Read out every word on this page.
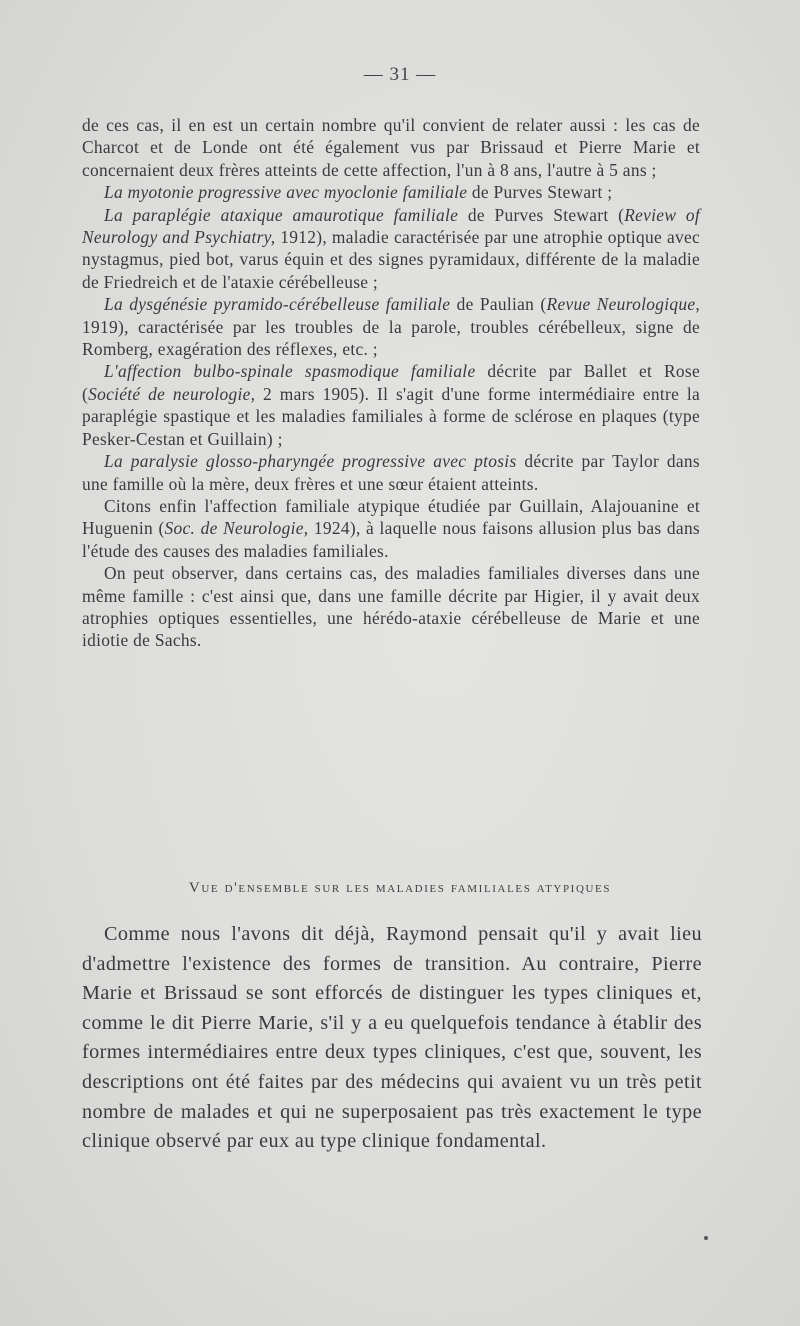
— 31 —

de ces cas, il en est un certain nombre qu'il convient de relater aussi : les cas de Charcot et de Londe ont été également vus par Brissaud et Pierre Marie et concernaient deux frères atteints de cette affection, l'un à 8 ans, l'autre à 5 ans ;

La myotonie progressive avec myoclonie familiale de Purves Stewart ;

La paraplégie ataxique amaurotique familiale de Purves Stewart (Review of Neurology and Psychiatry, 1912), maladie caractérisée par une atrophie optique avec nystagmus, pied bot, varus équin et des signes pyramidaux, différente de la maladie de Friedreich et de l'ataxie cérébelleuse ;

La dysgénésie pyramido-cérébelleuse familiale de Paulian (Revue Neurologique, 1919), caractérisée par les troubles de la parole, troubles cérébelleux, signe de Romberg, exagération des réflexes, etc. ;

L'affection bulbo-spinale spasmodique familiale décrite par Ballet et Rose (Société de neurologie, 2 mars 1905). Il s'agit d'une forme intermédiaire entre la paraplégie spastique et les maladies familiales à forme de sclérose en plaques (type Pesker-Cestan et Guillain) ;

La paralysie glosso-pharyngée progressive avec ptosis décrite par Taylor dans une famille où la mère, deux frères et une sœur étaient atteints.

Citons enfin l'affection familiale atypique étudiée par Guillain, Alajouanine et Huguenin (Soc. de Neurologie, 1924), à laquelle nous faisons allusion plus bas dans l'étude des causes des maladies familiales.

On peut observer, dans certains cas, des maladies familiales diverses dans une même famille : c'est ainsi que, dans une famille décrite par Higier, il y avait deux atrophies optiques essentielles, une hérédo-ataxie cérébelleuse de Marie et une idiotie de Sachs.

Vue d'ensemble sur les maladies familiales atypiques

Comme nous l'avons dit déjà, Raymond pensait qu'il y avait lieu d'admettre l'existence des formes de transition. Au contraire, Pierre Marie et Brissaud se sont efforcés de distinguer les types cliniques et, comme le dit Pierre Marie, s'il y a eu quelquefois tendance à établir des formes intermédiaires entre deux types cliniques, c'est que, souvent, les descriptions ont été faites par des médecins qui avaient vu un très petit nombre de malades et qui ne superposaient pas très exactement le type clinique observé par eux au type clinique fondamental.
